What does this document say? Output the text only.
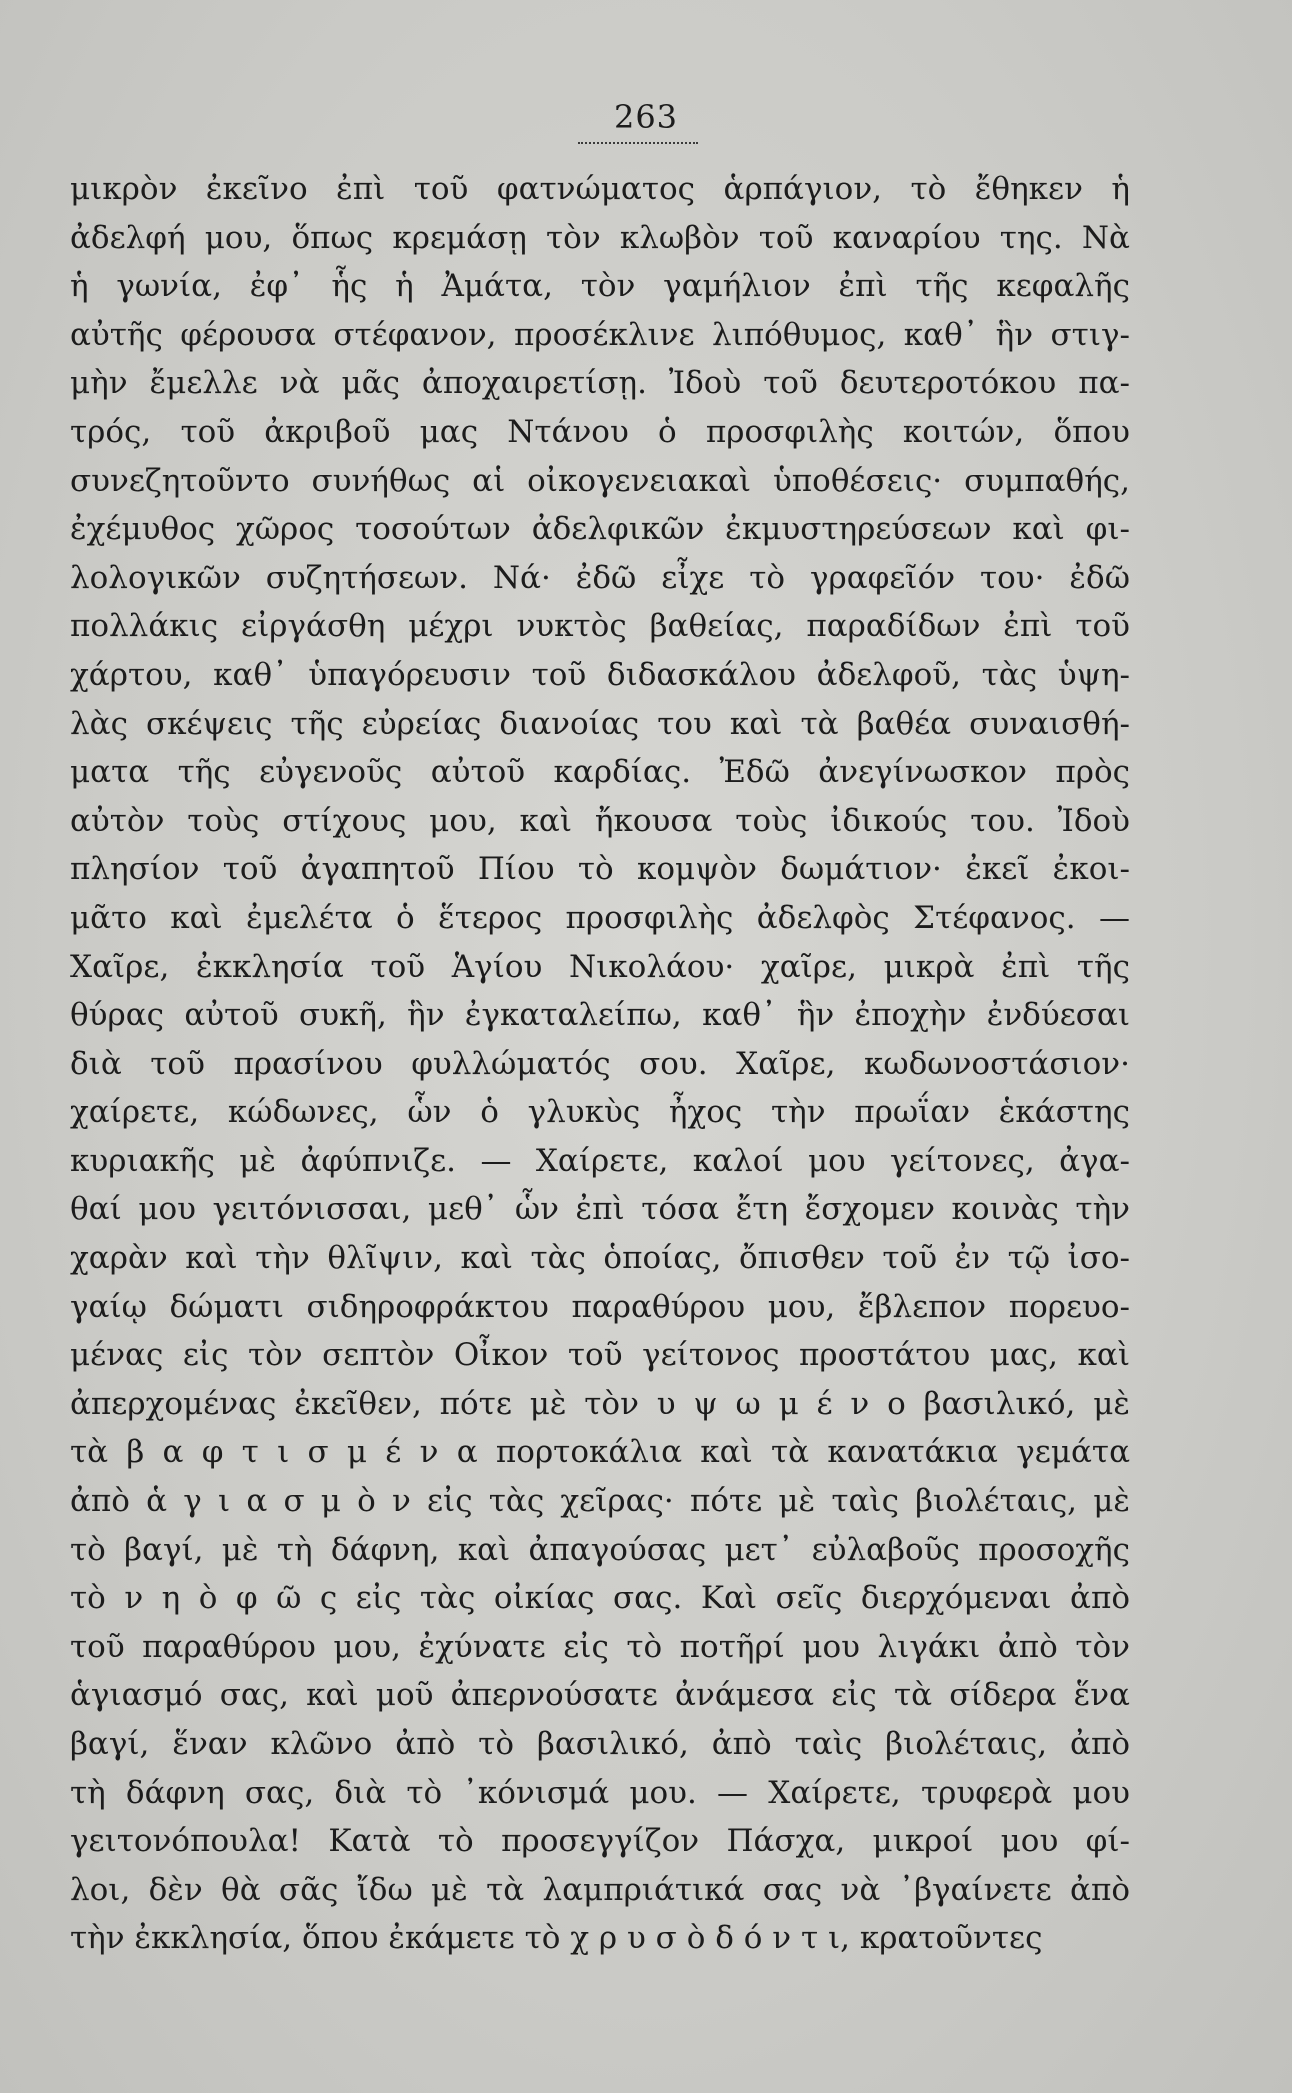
263
μικρὸν ἐκεῖνο ἐπὶ τοῦ φατνώματος ἁρπάγιον, τὸ ἔθηκεν ἡ
ἀδελφή μου, ὅπως κρεμάσῃ τὸν κλωβὸν τοῦ καναρίου της. Νὰ
ἡ γωνία, ἐφ᾽ ἧς ἡ Ἀμάτα, τὸν γαμήλιον ἐπὶ τῆς κεφαλῆς
αὐτῆς φέρουσα στέφανον, προσέκλινε λιπόθυμος, καθ᾽ ἣν στιγ-
μὴν ἔμελλε νὰ μᾶς ἀποχαιρετίσῃ. Ἰδοὺ τοῦ δευτεροτόκου πα-
τρός, τοῦ ἀκριβοῦ μας Ντάνου ὁ προσφιλὴς κοιτών, ὅπου
συνεζητοῦντο συνήθως αἱ οἰκογενειακαὶ ὑποθέσεις· συμπαθής,
ἐχέμυθος χῶρος τοσούτων ἀδελφικῶν ἐκμυστηρεύσεων καὶ φι-
λολογικῶν συζητήσεων. Νά· ἐδῶ εἶχε τὸ γραφεῖόν του· ἐδῶ
πολλάκις εἰργάσθη μέχρι νυκτὸς βαθείας, παραδίδων ἐπὶ τοῦ
χάρτου, καθ᾽ ὑπαγόρευσιν τοῦ διδασκάλου ἀδελφοῦ, τὰς ὑψη-
λὰς σκέψεις τῆς εὐρείας διανοίας του καὶ τὰ βαθέα συναισθή-
ματα τῆς εὐγενοῦς αὐτοῦ καρδίας. Ἐδῶ ἀνεγίνωσκον πρὸς
αὐτὸν τοὺς στίχους μου, καὶ ἤκουσα τοὺς ἰδικούς του. Ἰδοὺ
πλησίον τοῦ ἀγαπητοῦ Πίου τὸ κομψὸν δωμάτιον· ἐκεῖ ἐκοι-
μᾶτο καὶ ἐμελέτα ὁ ἕτερος προσφιλὴς ἀδελφὸς Στέφανος. —
Χαῖρε, ἐκκλησία τοῦ Ἁγίου Νικολάου· χαῖρε, μικρὰ ἐπὶ τῆς
θύρας αὐτοῦ συκῆ, ἣν ἐγκαταλείπω, καθ᾽ ἣν ἐποχὴν ἐνδύεσαι
διὰ τοῦ πρασίνου φυλλώματός σου. Χαῖρε, κωδωνοστάσιον·
χαίρετε, κώδωνες, ὧν ὁ γλυκὺς ἦχος τὴν πρωΐαν ἑκάστης
κυριακῆς μὲ ἀφύπνιζε. — Χαίρετε, καλοί μου γείτονες, ἀγα-
θαί μου γειτόνισσαι, μεθ᾽ ὧν ἐπὶ τόσα ἔτη ἔσχομεν κοινὰς τὴν
χαρὰν καὶ τὴν θλῖψιν, καὶ τὰς ὁποίας, ὄπισθεν τοῦ ἐν τῷ ἰσο-
γαίῳ δώματι σιδηροφράκτου παραθύρου μου, ἔβλεπον πορευο-
μένας εἰς τὸν σεπτὸν Οἶκον τοῦ γείτονος προστάτου μας, καὶ
ἀπερχομένας ἐκεῖθεν, πότε μὲ τὸν υ ψ ω μ έ ν ο βασιλικό, μὲ
τὰ β α φ τ ι σ μ έ ν α πορτοκάλια καὶ τὰ κανατάκια γεμάτα
ἀπὸ ἁ γ ι α σ μ ὸ ν εἰς τὰς χεῖρας· πότε μὲ ταὶς βιολέταις, μὲ
τὸ βαγί, μὲ τὴ δάφνη, καὶ ἀπαγούσας μετ᾽ εὐλαβοῦς προσοχῆς
τὸ ν η ὸ φ ῶ ς εἰς τὰς οἰκίας σας. Καὶ σεῖς διερχόμεναι ἀπὸ
τοῦ παραθύρου μου, ἐχύνατε εἰς τὸ ποτῆρί μου λιγάκι ἀπὸ τὸν
ἁγιασμό σας, καὶ μοῦ ἀπερνούσατε ἀνάμεσα εἰς τὰ σίδερα ἕνα
βαγί, ἕναν κλῶνο ἀπὸ τὸ βασιλικό, ἀπὸ ταὶς βιολέταις, ἀπὸ
τὴ δάφνη σας, διὰ τὸ ᾽κόνισμά μου. — Χαίρετε, τρυφερὰ μου
γειτονόπουλα! Κατὰ τὸ προσεγγίζον Πάσχα, μικροί μου φί-
λοι, δὲν θὰ σᾶς ἴδω μὲ τὰ λαμπριάτικά σας νὰ ᾽βγαίνετε ἀπὸ
τὴν ἐκκλησία, ὅπου ἐκάμετε τὸ χ ρ υ σ ὸ δ ό ν τ ι, κρατοῦντες
